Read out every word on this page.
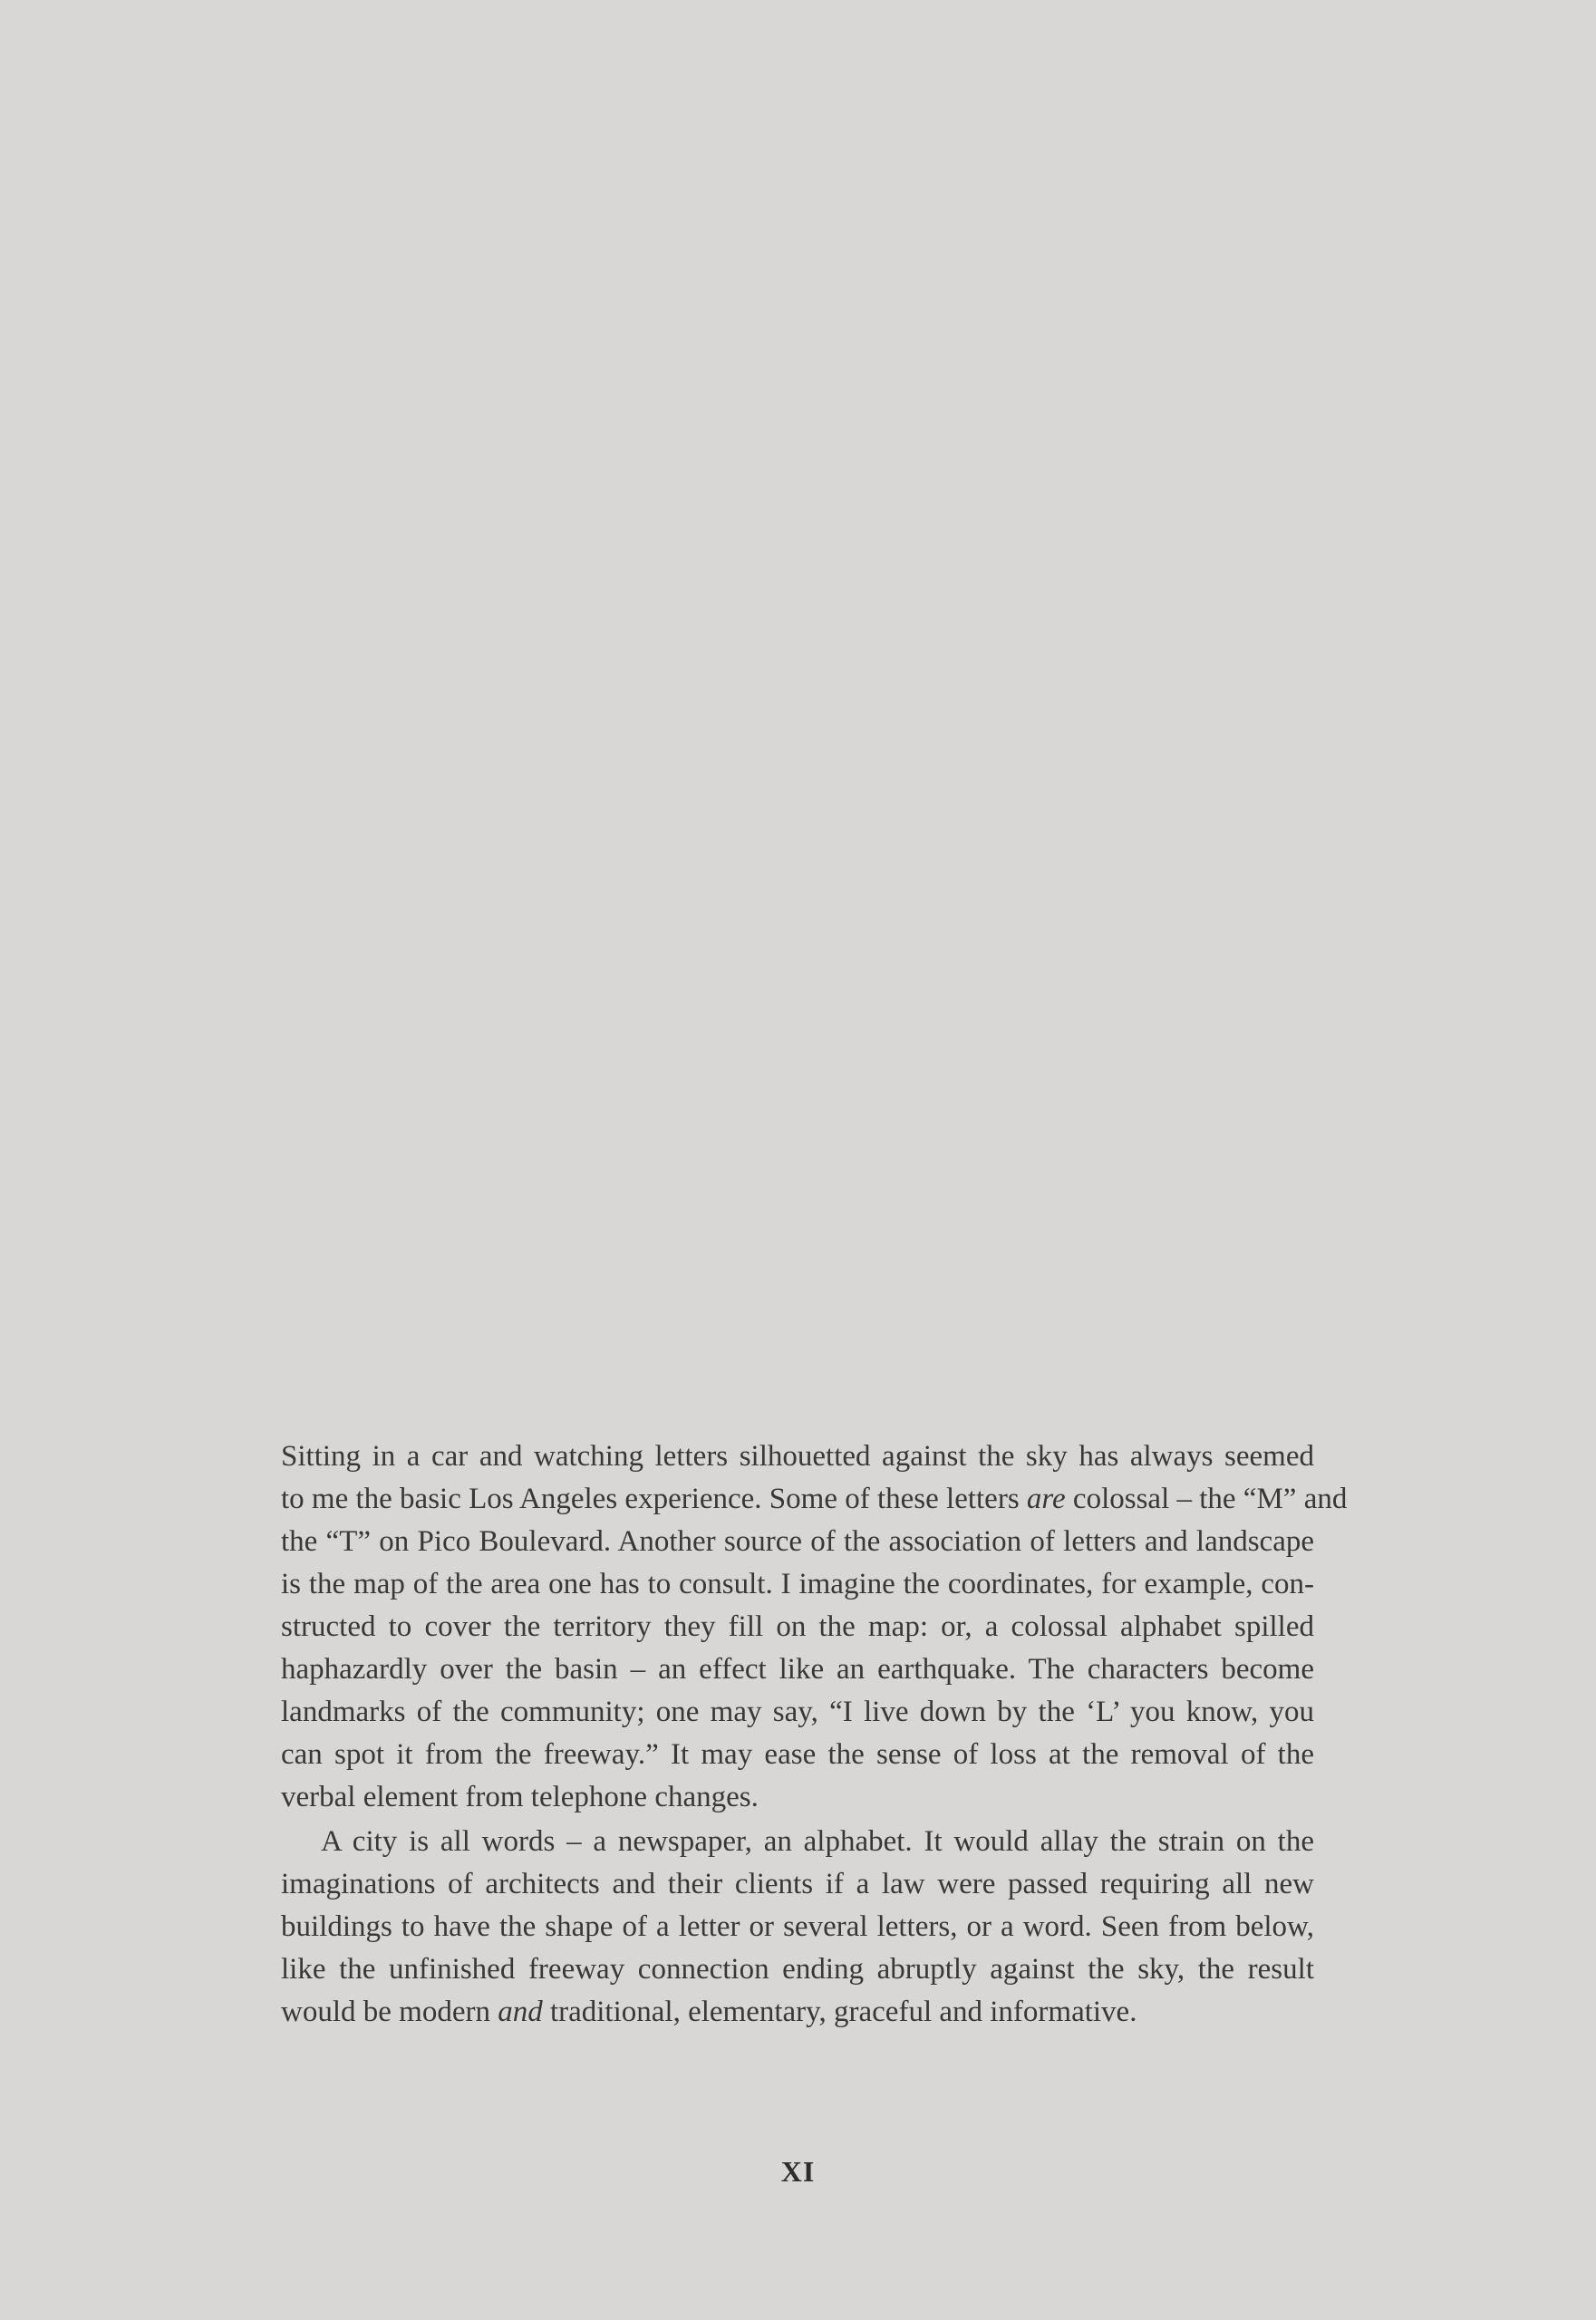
Sitting in a car and watching letters silhouetted against the sky has always seemed
to me the basic Los Angeles experience. Some of these letters are colossal – the “M” and
the “T” on Pico Boulevard. Another source of the association of letters and landscape
is the map of the area one has to consult. I imagine the coordinates, for example, con-
structed to cover the territory they fill on the map: or, a colossal alphabet spilled
haphazardly over the basin – an effect like an earthquake. The characters become
landmarks of the community; one may say, “I live down by the ‘L’ you know, you
can spot it from the freeway.” It may ease the sense of loss at the removal of the
verbal element from telephone changes.
A city is all words – a newspaper, an alphabet. It would allay the strain on the
imaginations of architects and their clients if a law were passed requiring all new
buildings to have the shape of a letter or several letters, or a word. Seen from below,
like the unfinished freeway connection ending abruptly against the sky, the result
would be modern and traditional, elementary, graceful and informative.
XI
